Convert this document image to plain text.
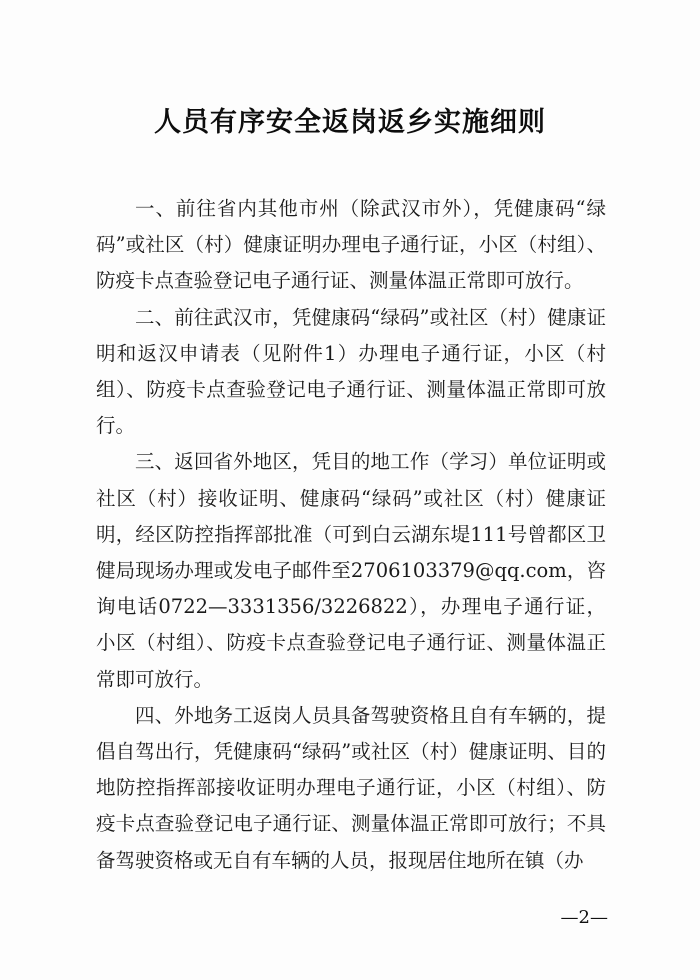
人员有序安全返岗返乡实施细则

一、前往省内其他市州（除武汉市外），凭健康码“绿码”或社区（村）健康证明办理电子通行证，小区（村组）、防疫卡点查验登记电子通行证、测量体温正常即可放行。

二、前往武汉市，凭健康码“绿码”或社区（村）健康证明和返汉申请表（见附件1）办理电子通行证，小区（村组）、防疫卡点查验登记电子通行证、测量体温正常即可放行。

三、返回省外地区，凭目的地工作（学习）单位证明或社区（村）接收证明、健康码“绿码”或社区（村）健康证明，经区防控指挥部批准（可到白云湖东堤111号曾都区卫健局现场办理或发电子邮件至2706103379@qq.com，咨询电话0722—3331356/3226822），办理电子通行证，小区（村组）、防疫卡点查验登记电子通行证、测量体温正常即可放行。

四、外地务工返岗人员具备驾驶资格且自有车辆的，提倡自驾出行，凭健康码“绿码”或社区（村）健康证明、目的地防控指挥部接收证明办理电子通行证，小区（村组）、防疫卡点查验登记电子通行证、测量体温正常即可放行；不具备驾驶资格或无自有车辆的人员，报现居住地所在镇（办

—2—
